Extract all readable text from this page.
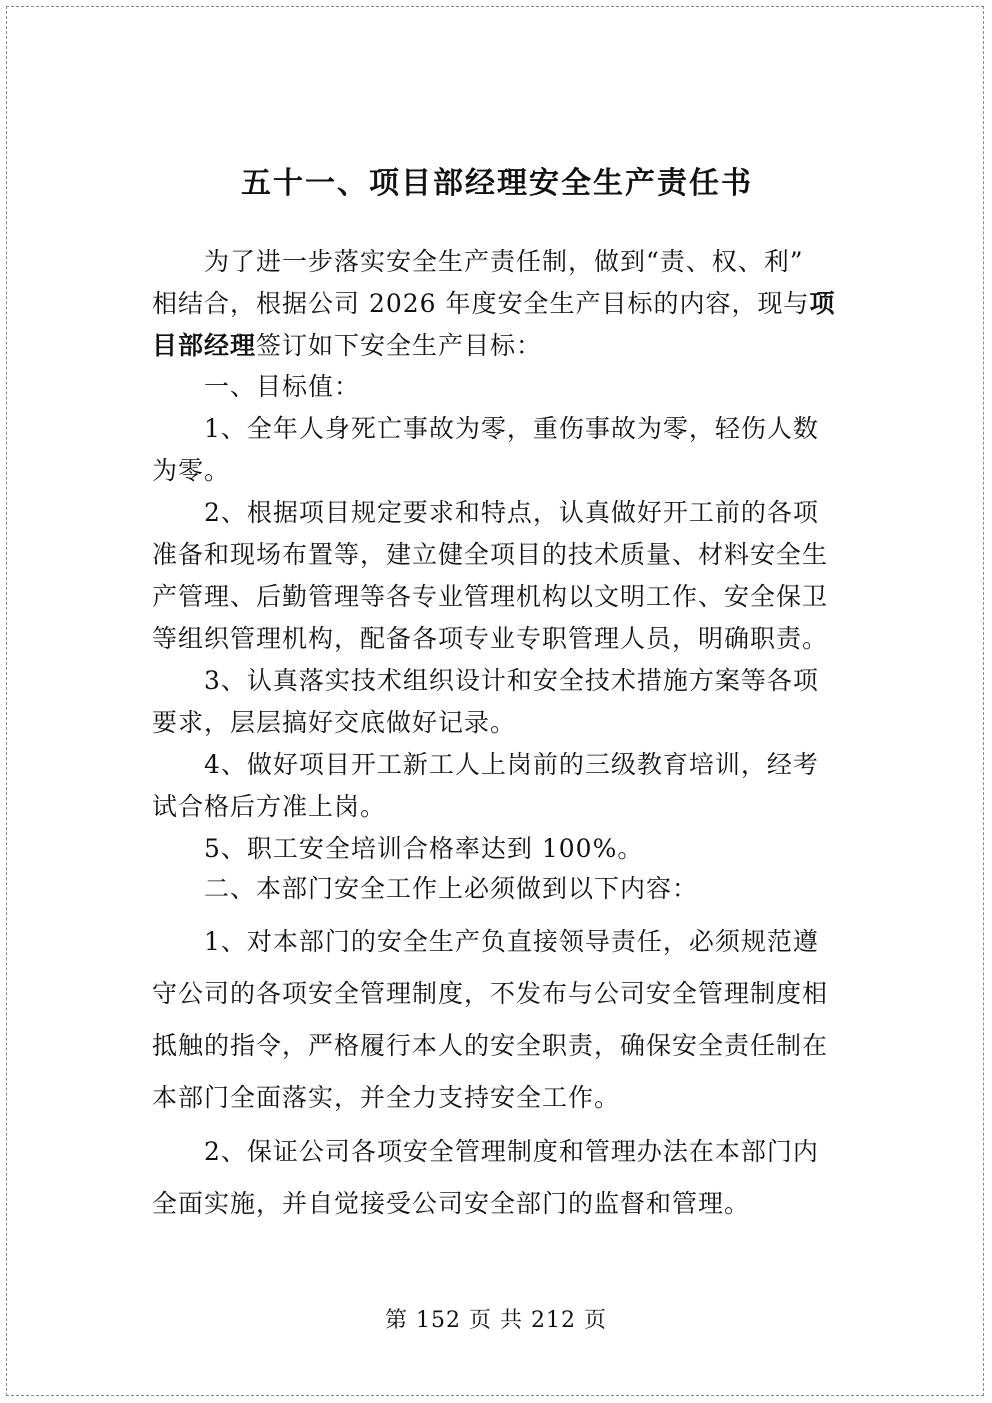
五十一、项目部经理安全生产责任书
为了进一步落实安全生产责任制，做到“责、权、利”
相结合，根据公司 2026 年度安全生产目标的内容，现与项
目部经理签订如下安全生产目标：
一、目标值：
1、全年人身死亡事故为零，重伤事故为零，轻伤人数
为零。
2、根据项目规定要求和特点，认真做好开工前的各项
准备和现场布置等，建立健全项目的技术质量、材料安全生
产管理、后勤管理等各专业管理机构以文明工作、安全保卫
等组织管理机构，配备各项专业专职管理人员，明确职责。
3、认真落实技术组织设计和安全技术措施方案等各项
要求，层层搞好交底做好记录。
4、做好项目开工新工人上岗前的三级教育培训，经考
试合格后方准上岗。
5、职工安全培训合格率达到 100%。
二、本部门安全工作上必须做到以下内容：
1、对本部门的安全生产负直接领导责任，必须规范遵
守公司的各项安全管理制度，不发布与公司安全管理制度相
抵触的指令，严格履行本人的安全职责，确保安全责任制在
本部门全面落实，并全力支持安全工作。
2、保证公司各项安全管理制度和管理办法在本部门内
全面实施，并自觉接受公司安全部门的监督和管理。
第 152 页 共 212 页
